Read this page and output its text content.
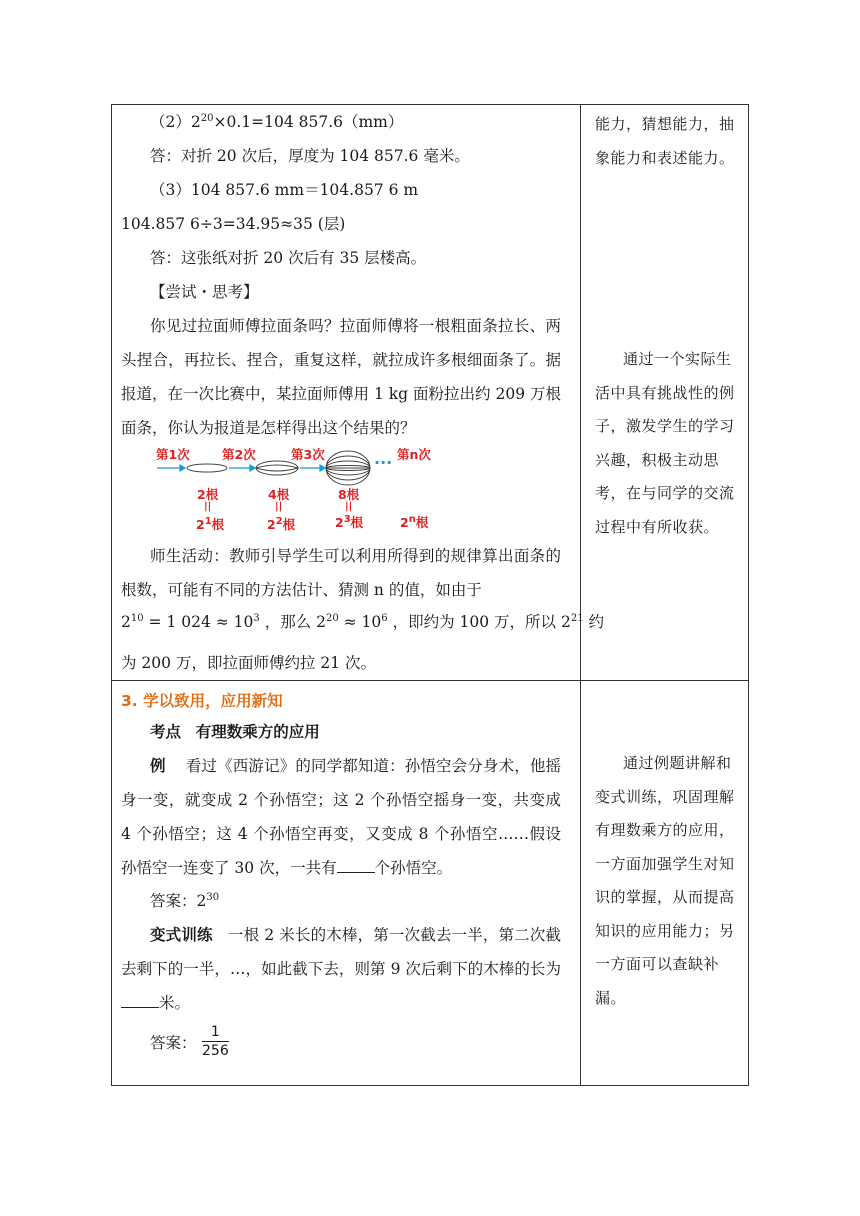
$(2)2^{20}\times 0.1=104$ 857.6（mm）
答：对折 20 次后，厚度为 104 857.6 毫米。
（3）104 857.6 mm＝104.857 6 m
104.857 6÷3=34.95≈35 (层)
答：这张纸对折 20 次后有 35 层楼高。
【尝试・思考】
你见过拉面师傅拉面条吗？拉面师傅将一根粗面条拉长、两头捏合，再拉长、捏合，重复这样，就拉成许多根细面条了。据报道，在一次比赛中，某拉面师傅用 1 kg 面粉拉出约 209 万根面条，你认为报道是怎样得出这个结果的？
第1次	第2次	第3次	第n次
···
2根	4根	8根
||	||	||
$2^1$根	$2^2$根	$2^3$根	2$^n$根
师生活动：教师引导学生可以利用所得到的规律算出面条的根数，可能有不同的方法估计、猜测 n 的值，如由于
$2^{10} = 1$ $024 \approx 10^3$ ，那么 $2^{20} \approx 10^6$ ，即约为 100 万，所以 $2^{21}$ 约
为 200 万，即拉面师傅约拉 21 次。
3. 学以致用，应用新知
考点 有理数乘方的应用
例 看过《西游记》的同学都知道：孙悟空会分身术，他摇身一变，就变成 2 个孙悟空；这 2 个孙悟空摇身一变，共变成 4 个孙悟空；这 4 个孙悟空再变，又变成 8 个孙悟空……假设孙悟空一连变了 30 次，一共有 个孙悟空。
答案：$2^{30}$
变式训练 一根 2 米长的木棒，第一次截去一半，第二次截去剩下的一半，…，如此截下去，则第 9 次后剩下的木棒的长为米。
答案： $\frac{1}{256}$
能力，猜想能力，抽象能力和表述能力。
通过一个实际生活中具有挑战性的例子，激发学生的学习兴趣，积极主动思考，在与同学的交流过程中有所收获。
通过例题讲解和变式训练，巩固理解有理数乘方的应用，一方面加强学生对知识的掌握，从而提高知识的应用能力；另一方面可以查缺补漏。
